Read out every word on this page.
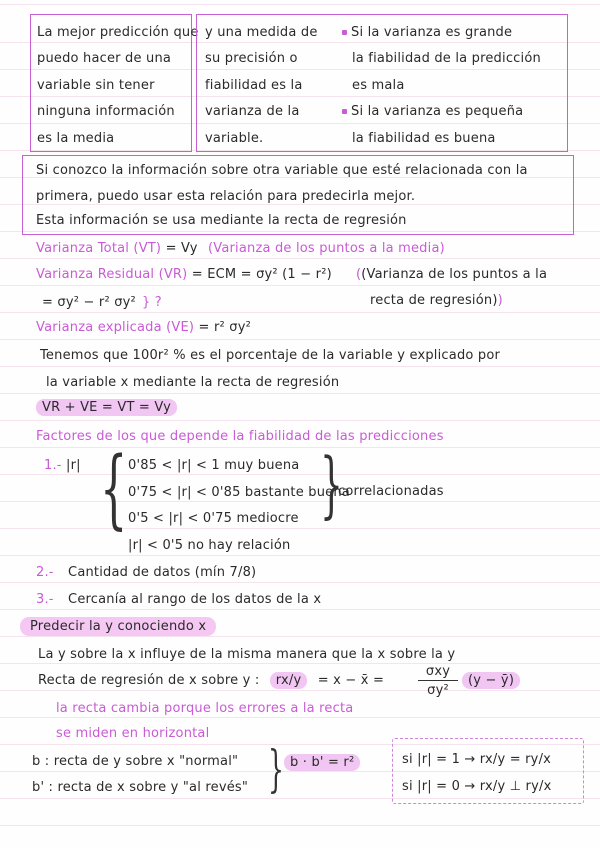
La mejor predicción que
puedo hacer de una
variable sin tener
ninguna información
es la media
y una medida de
su precisión o
fiabilidad es la
varianza de la
variable.
Si la varianza es grande
la fiabilidad de la predicción
es mala
Si la varianza es pequeña
la fiabilidad es buena
Si conozco la información sobre otra variable que esté relacionada con la
primera, puedo usar esta relación para predecirla mejor.
Esta información se usa mediante la recta de regresión
Varianza Total (VT) = Vy (Varianza de los puntos a la media)
Varianza Residual (VR) = ECM = σy² (1 − r²) ((Varianza de los puntos a la
recta de regresión))
= σy² − r² σy² } ?
Varianza explicada (VE) = r² σy²
Tenemos que 100r² % es el porcentaje de la variable y explicado por
la variable x mediante la recta de regresión
VR + VE = VT = Vy
Factores de los que depende la fiabilidad de las predicciones
1.- |r| { 0'85 < |r| < 1 muy buena
0'75 < |r| < 0'85 bastante buena
0'5 < |r| < 0'75 mediocre
|r| < 0'5 no hay relación
}
correlacionadas
2.- Cantidad de datos (mín 7/8)
3.- Cercanía al rango de los datos de la x
Predecir la y conociendo x
La y sobre la x influye de la misma manera que la x sobre la y
Recta de regresión de x sobre y : rx/y = x − x̄ =
σxy
σy²
(y − ȳ)
la recta cambia porque los errores a la recta
se miden en horizontal
b : recta de y sobre x "normal"
b' : recta de x sobre y "al revés" } b · b' = r²	si |r| = 1 → rx/y = ry/x
si |r| = 0 → rx/y ⊥ ry/x
